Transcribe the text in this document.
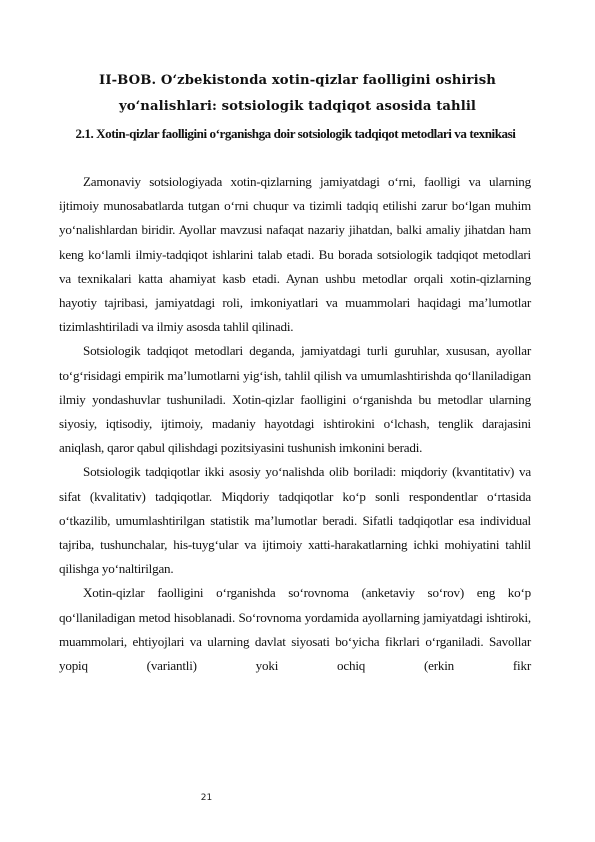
II-BOB. O‘zbekistonda xotin-qizlar faolligini oshirish
yo‘nalishlari: sotsiologik tadqiqot asosida tahlil
2.1. Xotin-qizlar faolligini o‘rganishga doir sotsiologik tadqiqot metodlari va texnikasi

Zamonaviy sotsiologiyada xotin-qizlarning jamiyatdagi o‘rni, faolligi va ularning ijtimoiy munosabatlarda tutgan o‘rni chuqur va tizimli tadqiq etilishi zarur bo‘lgan muhim yo‘nalishlardan biridir. Ayollar mavzusi nafaqat nazariy jihatdan, balki amaliy jihatdan ham keng ko‘lamli ilmiy-tadqiqot ishlarini talab etadi. Bu borada sotsiologik tadqiqot metodlari va texnikalari katta ahamiyat kasb etadi. Aynan ushbu metodlar orqali xotin-qizlarning hayotiy tajribasi, jamiyatdagi roli, imkoniyatlari va muammolari haqidagi ma’lumotlar tizimlashtiriladi va ilmiy asosda tahlil qilinadi.

Sotsiologik tadqiqot metodlari deganda, jamiyatdagi turli guruhlar, xususan, ayollar to‘g‘risidagi empirik ma’lumotlarni yig‘ish, tahlil qilish va umumlashtirishda qo‘llaniladigan ilmiy yondashuvlar tushuniladi. Xotin-qizlar faolligini o‘rganishda bu metodlar ularning siyosiy, iqtisodiy, ijtimoiy, madaniy hayotdagi ishtirokini o‘lchash, tenglik darajasini aniqlash, qaror qabul qilishdagi pozitsiyasini tushunish imkonini beradi.

Sotsiologik tadqiqotlar ikki asosiy yo‘nalishda olib boriladi: miqdoriy (kvantitativ) va sifat (kvalitativ) tadqiqotlar. Miqdoriy tadqiqotlar ko‘p sonli respondentlar o‘rtasida o‘tkazilib, umumlashtirilgan statistik ma’lumotlar beradi. Sifatli tadqiqotlar esa individual tajriba, tushunchalar, his-tuyg‘ular va ijtimoiy xatti-harakatlarning ichki mohiyatini tahlil qilishga yo‘naltirilgan.

Xotin-qizlar faolligini o‘rganishda so‘rovnoma (anketaviy so‘rov) eng ko‘p qo‘llaniladigan metod hisoblanadi. So‘rovnoma yordamida ayollarning jamiyatdagi ishtiroki, muammolari, ehtiyojlari va ularning davlat siyosati bo‘yicha fikrlari o‘rganiladi. Savollar yopiq (variantli) yoki ochiq (erkin fikr

21
